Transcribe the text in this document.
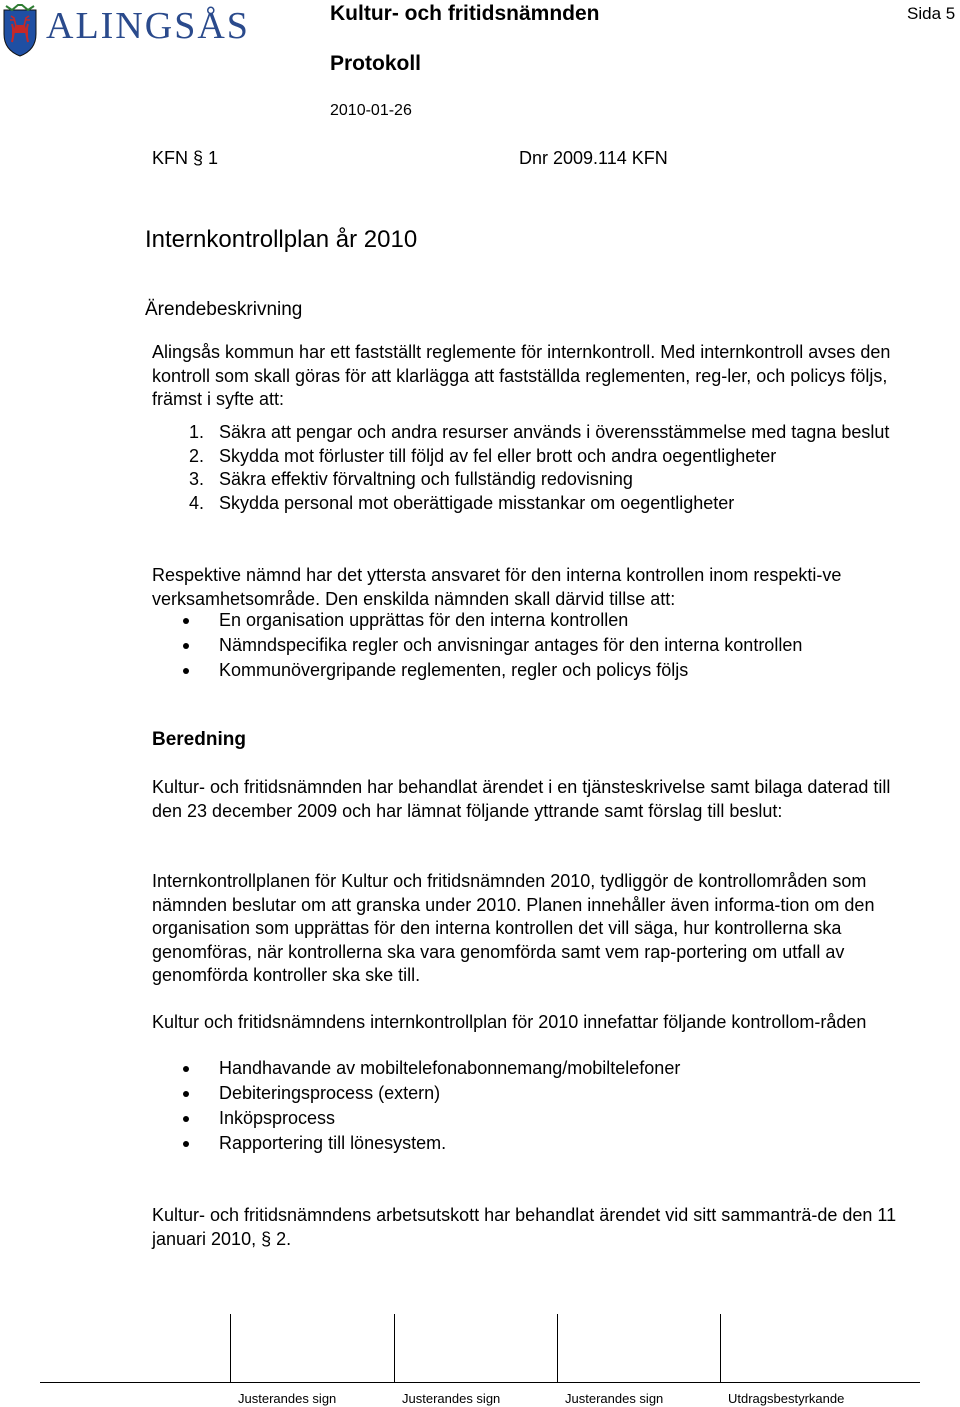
ALINGSÅS	Kultur- och fritidsnämnden	Sida 5
Protokoll
2010-01-26
KFN § 1	Dnr 2009.114 KFN
Internkontrollplan år 2010
Ärendebeskrivning

Alingsås kommun har ett fastställt reglemente för internkontroll. Med internkontroll avses den kontroll som skall göras för att klarlägga att fastställda reglementen, reg-ler, och policys följs, främst i syfte att:

1. Säkra att pengar och andra resurser används i överensstämmelse med tagna beslut
2. Skydda mot förluster till följd av fel eller brott och andra oegentligheter
3. Säkra effektiv förvaltning och fullständig redovisning
4. Skydda personal mot oberättigade misstankar om oegentligheter

Respektive nämnd har det yttersta ansvaret för den interna kontrollen inom respekti-ve verksamhetsområde. Den enskilda nämnden skall därvid tillse att:

En organisation upprättas för den interna kontrollen
Nämndspecifika regler och anvisningar antages för den interna kontrollen
Kommunövergripande reglementen, regler och policys följs
Beredning

Kultur- och fritidsnämnden har behandlat ärendet i en tjänsteskrivelse samt bilaga daterad till den 23 december 2009 och har lämnat följande yttrande samt förslag till beslut:

Internkontrollplanen för Kultur och fritidsnämnden 2010, tydliggör de kontrollområden som nämnden beslutar om att granska under 2010. Planen innehåller även informa-tion om den organisation som upprättas för den interna kontrollen det vill säga, hur kontrollerna ska genomföras, när kontrollerna ska vara genomförda samt vem rap-portering om utfall av genomförda kontroller ska ske till.

Kultur och fritidsnämndens internkontrollplan för 2010 innefattar följande kontrollom-råden

Handhavande av mobiltelefonabonnemang/mobiltelefoner
Debiteringsprocess (extern)
Inköpsprocess
Rapportering till lönesystem.

Kultur- och fritidsnämndens arbetsutskott har behandlat ärendet vid sitt sammanträ-de den 11 januari 2010, § 2.

Justerandes sign	Justerandes sign	Justerandes sign	Utdragsbestyrkande
